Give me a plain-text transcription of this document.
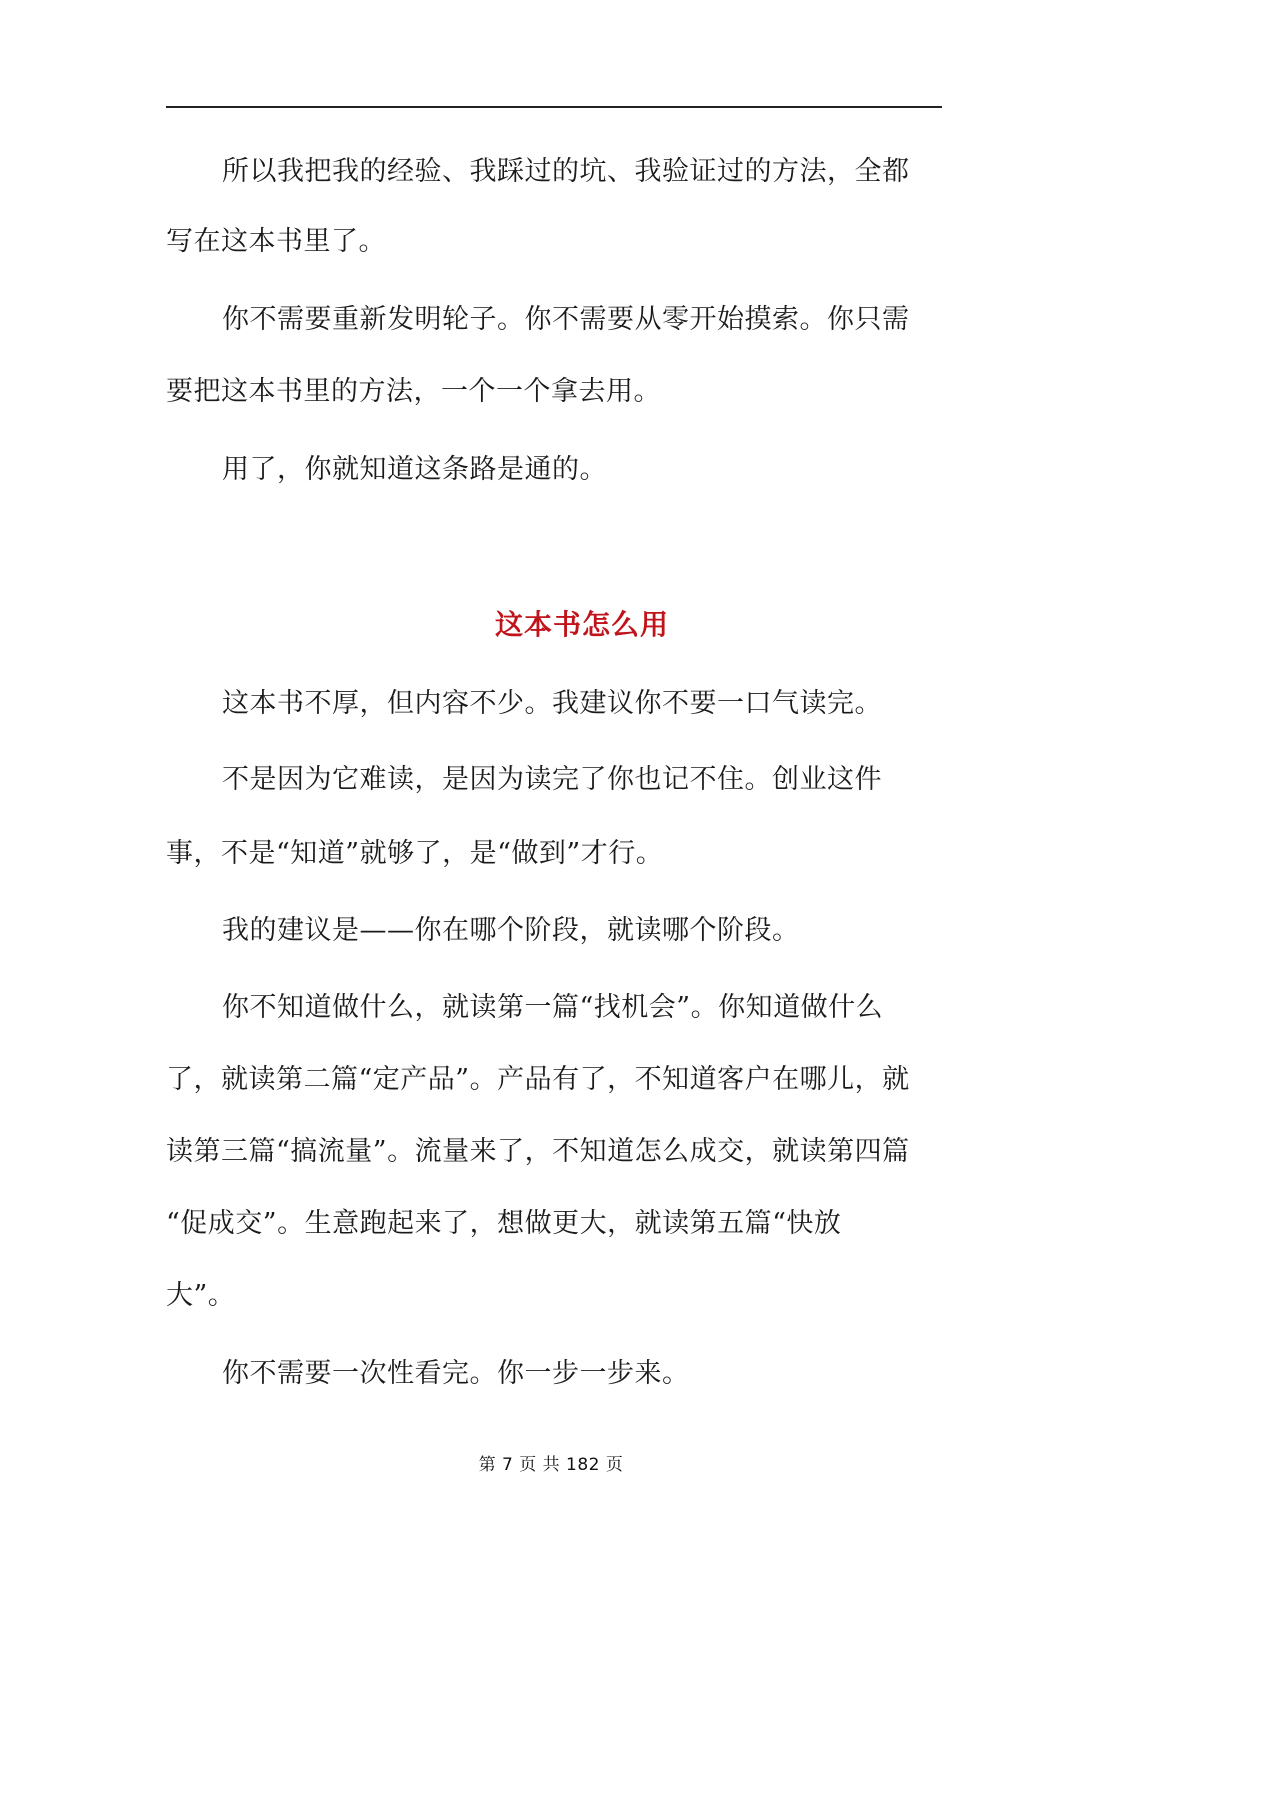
所以我把我的经验、我踩过的坑、我验证过的方法，全都
写在这本书里了。
你不需要重新发明轮子。你不需要从零开始摸索。你只需
要把这本书里的方法，一个一个拿去用。
用了，你就知道这条路是通的。
这本书怎么用
这本书不厚，但内容不少。我建议你不要一口气读完。
不是因为它难读，是因为读完了你也记不住。创业这件
事，不是“知道”就够了，是“做到”才行。
我的建议是——你在哪个阶段，就读哪个阶段。
你不知道做什么，就读第一篇“找机会”。你知道做什么
了，就读第二篇“定产品”。产品有了，不知道客户在哪儿，就
读第三篇“搞流量”。流量来了，不知道怎么成交，就读第四篇
“促成交”。生意跑起来了，想做更大，就读第五篇“快放
大”。
你不需要一次性看完。你一步一步来。
第 7 页 共 182 页
